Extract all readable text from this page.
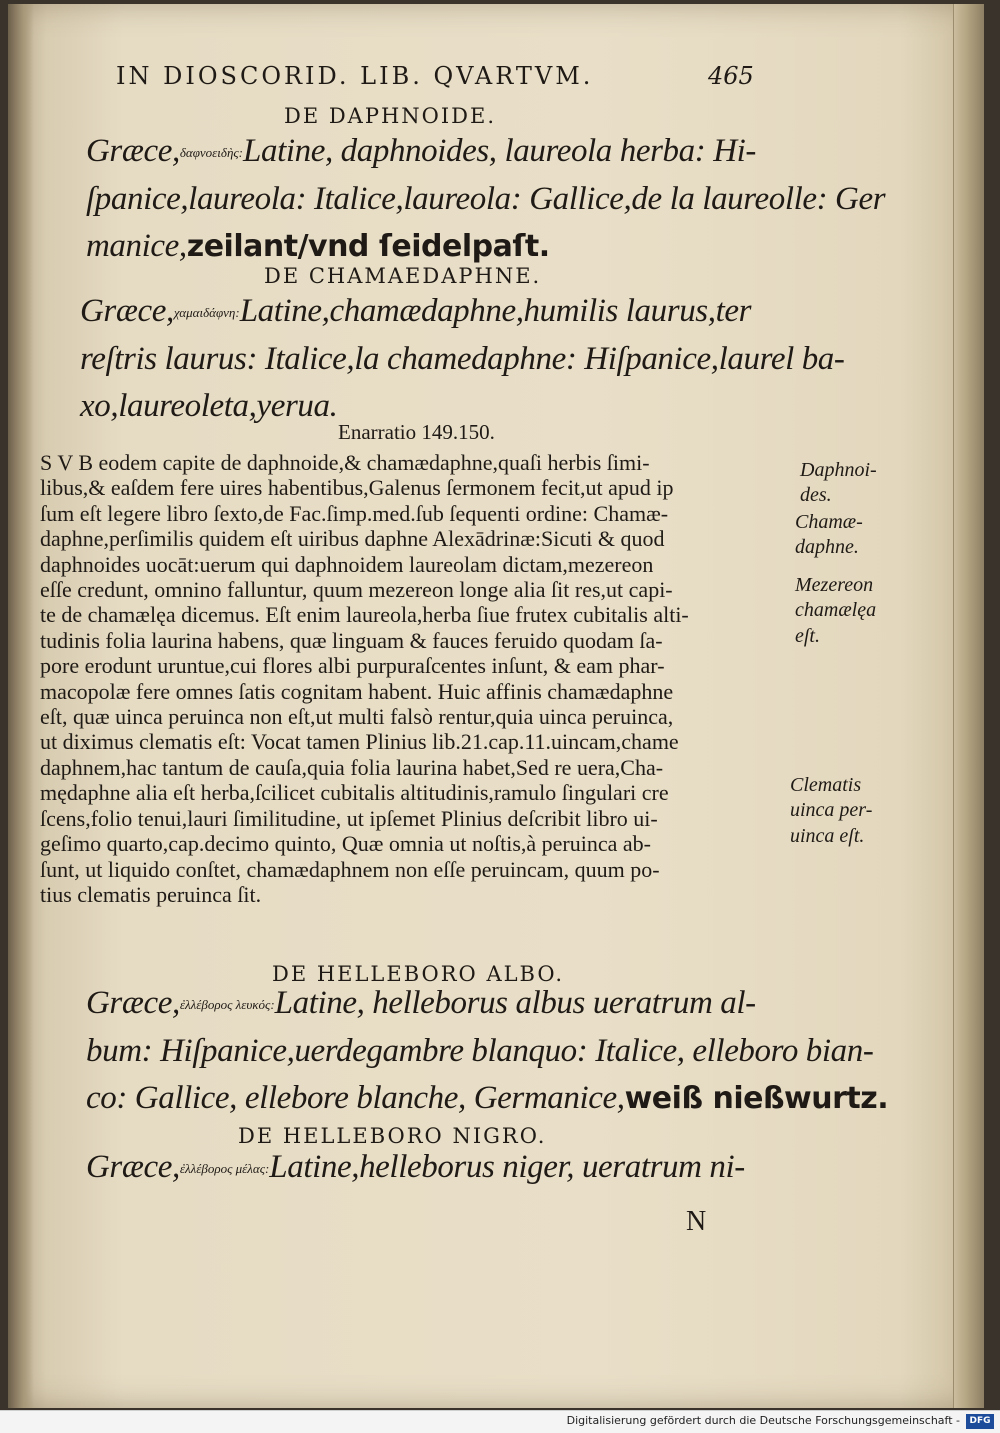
IN DIOSCORID. LIB. QVARTVM.	465
DE DAPHNOIDE.
Græce,δαφνοειδὴς:Latine, daphnoides, laureola herba: Hi-
ſpanice,laureola: Italice,laureola: Gallice,de la laureolle: Ger
manice,zeilant/vnd ſeidelpaſt.
DE CHAMAEDAPHNE.
Græce,χαμαιδάφνη:Latine,chamædaphne,humilis laurus,ter
reſtris laurus: Italice,la chamedaphne: Hiſpanice,laurel ba-
xo,laureoleta,yerua.
Enarratio 149.150.
S V B eodem capite de daphnoide,& chamædaphne,quaſi herbis ſimi-
libus,& eaſdem fere uires habentibus,Galenus ſermonem fecit,ut apud ip
ſum eſt legere libro ſexto,de Fac.ſimp.med.ſub ſequenti ordine: Chamæ-
daphne,perſimilis quidem eſt uiribus daphne Alexādrinæ:Sicuti & quod
daphnoides uocāt:uerum qui daphnoidem laureolam dictam,mezereon
eſſe credunt, omnino falluntur, quum mezereon longe alia ſit res,ut capi-
te de chamælęa dicemus. Eſt enim laureola,herba ſiue frutex cubitalis alti-
tudinis folia laurina habens, quæ linguam & fauces feruido quodam ſa-
pore erodunt uruntue,cui flores albi purpuraſcentes inſunt, & eam phar-
macopolæ fere omnes ſatis cognitam habent. Huic affinis chamædaphne
eſt, quæ uinca peruinca non eſt,ut multi falsò rentur,quia uinca peruinca,
ut diximus clematis eſt: Vocat tamen Plinius lib.21.cap.11.uincam,chame
daphnem,hac tantum de cauſa,quia folia laurina habet,Sed re uera,Cha-
mędaphne alia eſt herba,ſcilicet cubitalis altitudinis,ramulo ſingulari cre
ſcens,folio tenui,lauri ſimilitudine, ut ipſemet Plinius deſcribit libro ui-
geſimo quarto,cap.decimo quinto, Quæ omnia ut noſtis,à peruinca ab-
ſunt, ut liquido conſtet, chamædaphnem non eſſe peruincam, quum po-
tius clematis peruinca ſit.
Daphnoi-
des.
Chamæ-
daphne.
Mezereon
chamælęa
eſt.
Clematis
uinca per-
uinca eſt.
DE HELLEBORO ALBO.
Græce,ἐλλέβορος λευκός:Latine, helleborus albus ueratrum al-
bum: Hiſpanice,uerdegambre blanquo: Italice, elleboro bian-
co: Gallice, ellebore blanche, Germanice,weiß nießwurtz.
DE HELLEBORO NIGRO.
Græce,ἐλλέβορος μέλας:Latine,helleborus niger, ueratrum ni-
N
Digitalisierung gefördert durch die Deutsche Forschungsgemeinschaft -	DFG
